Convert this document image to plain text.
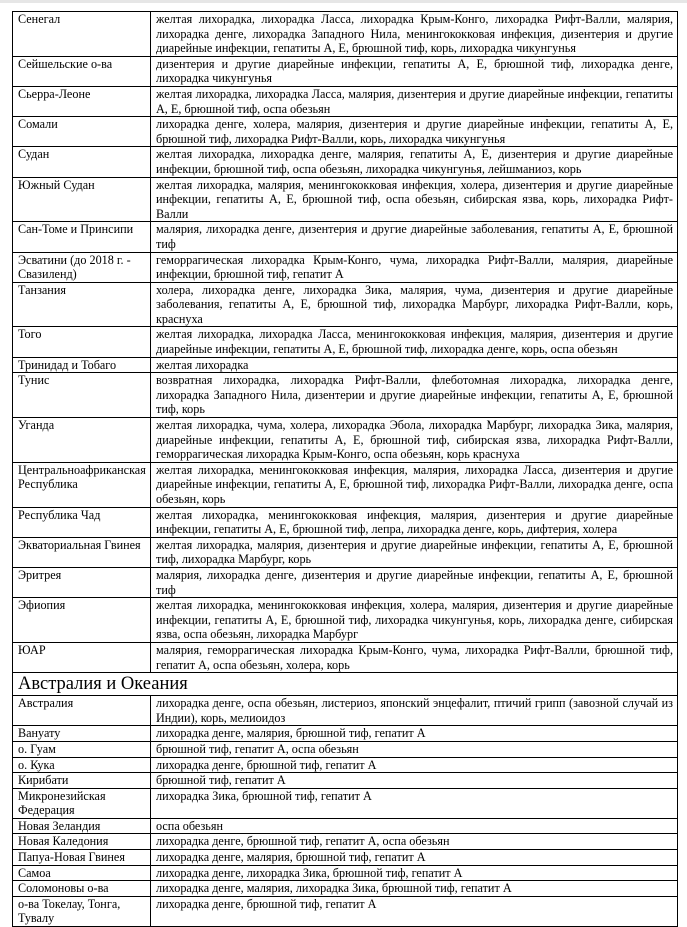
Сенегал	желтая лихорадка, лихорадка Ласса, лихорадка Крым-Конго, лихорадка Рифт-Валли, малярия, лихорадка денге, лихорадка Западного Нила, менингококковая инфекция, дизентерия и другие диарейные инфекции, гепатиты А, Е, брюшной тиф, корь, лихорадка чикунгунья
Сейшельские о-ва	дизентерия и другие диарейные инфекции, гепатиты А, Е, брюшной тиф, лихорадка денге, лихорадка чикунгунья
Сьерра-Леоне	желтая лихорадка, лихорадка Ласса, малярия, дизентерия и другие диарейные инфекции, гепатиты А, Е, брюшной тиф, оспа обезьян
Сомали	лихорадка денге, холера, малярия, дизентерия и другие диарейные инфекции, гепатиты А, Е, брюшной тиф, лихорадка Рифт-Валли, корь, лихорадка чикунгунья
Судан	желтая лихорадка, лихорадка денге, малярия, гепатиты А, Е, дизентерия и другие диарейные инфекции, брюшной тиф, оспа обезьян, лихорадка чикунгунья, лейшманиоз, корь
Южный Судан	желтая лихорадка, малярия, менингококковая инфекция, холера, дизентерия и другие диарейные инфекции, гепатиты А, Е, брюшной тиф, оспа обезьян, сибирская язва, корь, лихорадка Рифт-Валли
Сан-Томе и Принсипи	малярия, лихорадка денге, дизентерия и другие диарейные заболевания, гепатиты А, Е, брюшной тиф
Эсватини (до 2018 г. - Свазиленд)	геморрагическая лихорадка Крым-Конго, чума, лихорадка Рифт-Валли, малярия, диарейные инфекции, брюшной тиф, гепатит А
Танзания	холера, лихорадка денге, лихорадка Зика, малярия, чума, дизентерия и другие диарейные заболевания, гепатиты А, Е, брюшной тиф, лихорадка Марбург, лихорадка Рифт-Валли, корь, краснуха
Того	желтая лихорадка, лихорадка Ласса, менингококковая инфекция, малярия, дизентерия и другие диарейные инфекции, гепатиты А, Е, брюшной тиф, лихорадка денге, корь, оспа обезьян
Тринидад и Тобаго	желтая лихорадка
Тунис	возвратная лихорадка, лихорадка Рифт-Валли, флеботомная лихорадка, лихорадка денге, лихорадка Западного Нила, дизентерии и другие диарейные инфекции, гепатиты А, Е, брюшной тиф, корь
Уганда	желтая лихорадка, чума, холера, лихорадка Эбола, лихорадка Марбург, лихорадка Зика, малярия, диарейные инфекции, гепатиты А, Е, брюшной тиф, сибирская язва, лихорадка Рифт-Валли, геморрагическая лихорадка Крым-Конго, оспа обезьян, корь краснуха
Центральноафриканская Республика	желтая лихорадка, менингококковая инфекция, малярия, лихорадка Ласса, дизентерия и другие диарейные инфекции, гепатиты А, Е, брюшной тиф, лихорадка Рифт-Валли, лихорадка денге, оспа обезьян, корь
Республика Чад	желтая лихорадка, менингококковая инфекция, малярия, дизентерия и другие диарейные инфекции, гепатиты А, Е, брюшной тиф, лепра, лихорадка денге, корь, дифтерия, холера
Экваториальная Гвинея	желтая лихорадка, малярия, дизентерия и другие диарейные инфекции, гепатиты А, Е, брюшной тиф, лихорадка Марбург, корь
Эритрея	малярия, лихорадка денге, дизентерия и другие диарейные инфекции, гепатиты А, Е, брюшной тиф
Эфиопия	желтая лихорадка, менингококковая инфекция, холера, малярия, дизентерия и другие диарейные инфекции, гепатиты А, Е, брюшной тиф, лихорадка чикунгунья, корь, лихорадка денге, сибирская язва, оспа обезьян, лихорадка Марбург
ЮАР	малярия, геморрагическая лихорадка Крым-Конго, чума, лихорадка Рифт-Валли, брюшной тиф, гепатит А, оспа обезьян, холера, корь
Австралия и Океания	
Австралия	лихорадка денге, оспа обезьян, листериоз, японский энцефалит, птичий грипп (завозной случай из Индии), корь, мелиоидоз
Вануату	лихорадка денге, малярия, брюшной тиф, гепатит А
о. Гуам	брюшной тиф, гепатит А, оспа обезьян
о. Кука	лихорадка денге, брюшной тиф, гепатит А
Кирибати	брюшной тиф, гепатит А
Микронезийская Федерация	лихорадка Зика, брюшной тиф, гепатит А
Новая Зеландия	оспа обезьян
Новая Каледония	лихорадка денге, брюшной тиф, гепатит А, оспа обезьян
Папуа-Новая Гвинея	лихорадка денге, малярия, брюшной тиф, гепатит А
Самоа	лихорадка денге, лихорадка Зика, брюшной тиф, гепатит А
Соломоновы о-ва	лихорадка денге, малярия, лихорадка Зика, брюшной тиф, гепатит А
о-ва Токелау, Тонга, Тувалу	лихорадка денге, брюшной тиф, гепатит А
